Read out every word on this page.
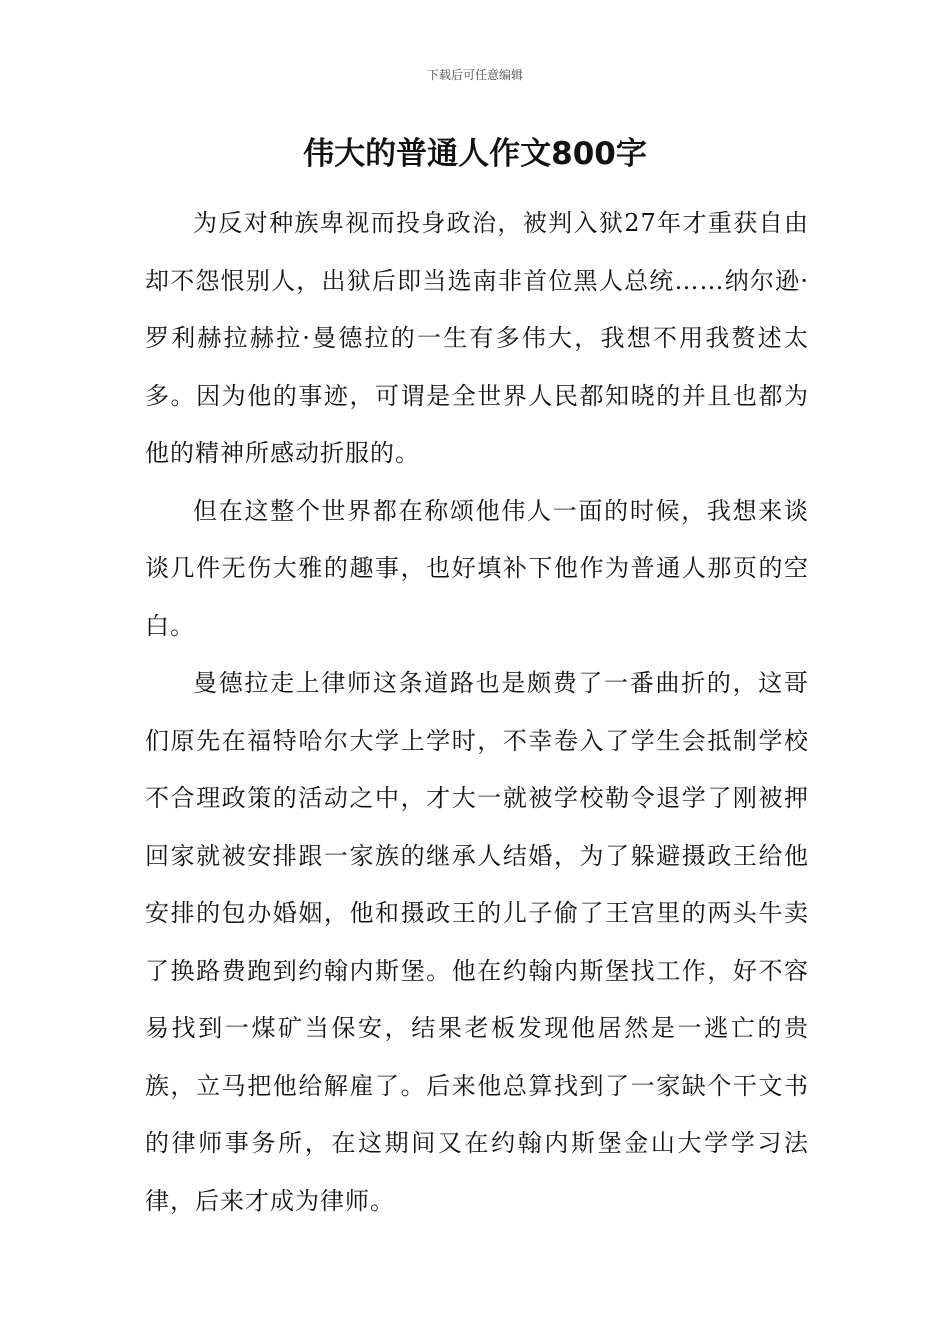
下载后可任意编辑
伟大的普通人作文800字

为反对种族卑视而投身政治，被判入狱27年才重获自由却不怨恨别人，出狱后即当选南非首位黑人总统……纳尔逊·罗利赫拉赫拉·曼德拉的一生有多伟大，我想不用我赘述太多。因为他的事迹，可谓是全世界人民都知晓的并且也都为他的精神所感动折服的。

但在这整个世界都在称颂他伟人一面的时候，我想来谈谈几件无伤大雅的趣事，也好填补下他作为普通人那页的空白。

曼德拉走上律师这条道路也是颇费了一番曲折的，这哥们原先在福特哈尔大学上学时，不幸卷入了学生会抵制学校不合理政策的活动之中，才大一就被学校勒令退学了刚被押回家就被安排跟一家族的继承人结婚，为了躲避摄政王给他安排的包办婚姻，他和摄政王的儿子偷了王宫里的两头牛卖了换路费跑到约翰内斯堡。他在约翰内斯堡找工作，好不容易找到一煤矿当保安，结果老板发现他居然是一逃亡的贵族，立马把他给解雇了。后来他总算找到了一家缺个干文书的律师事务所，在这期间又在约翰内斯堡金山大学学习法律，后来才成为律师。
